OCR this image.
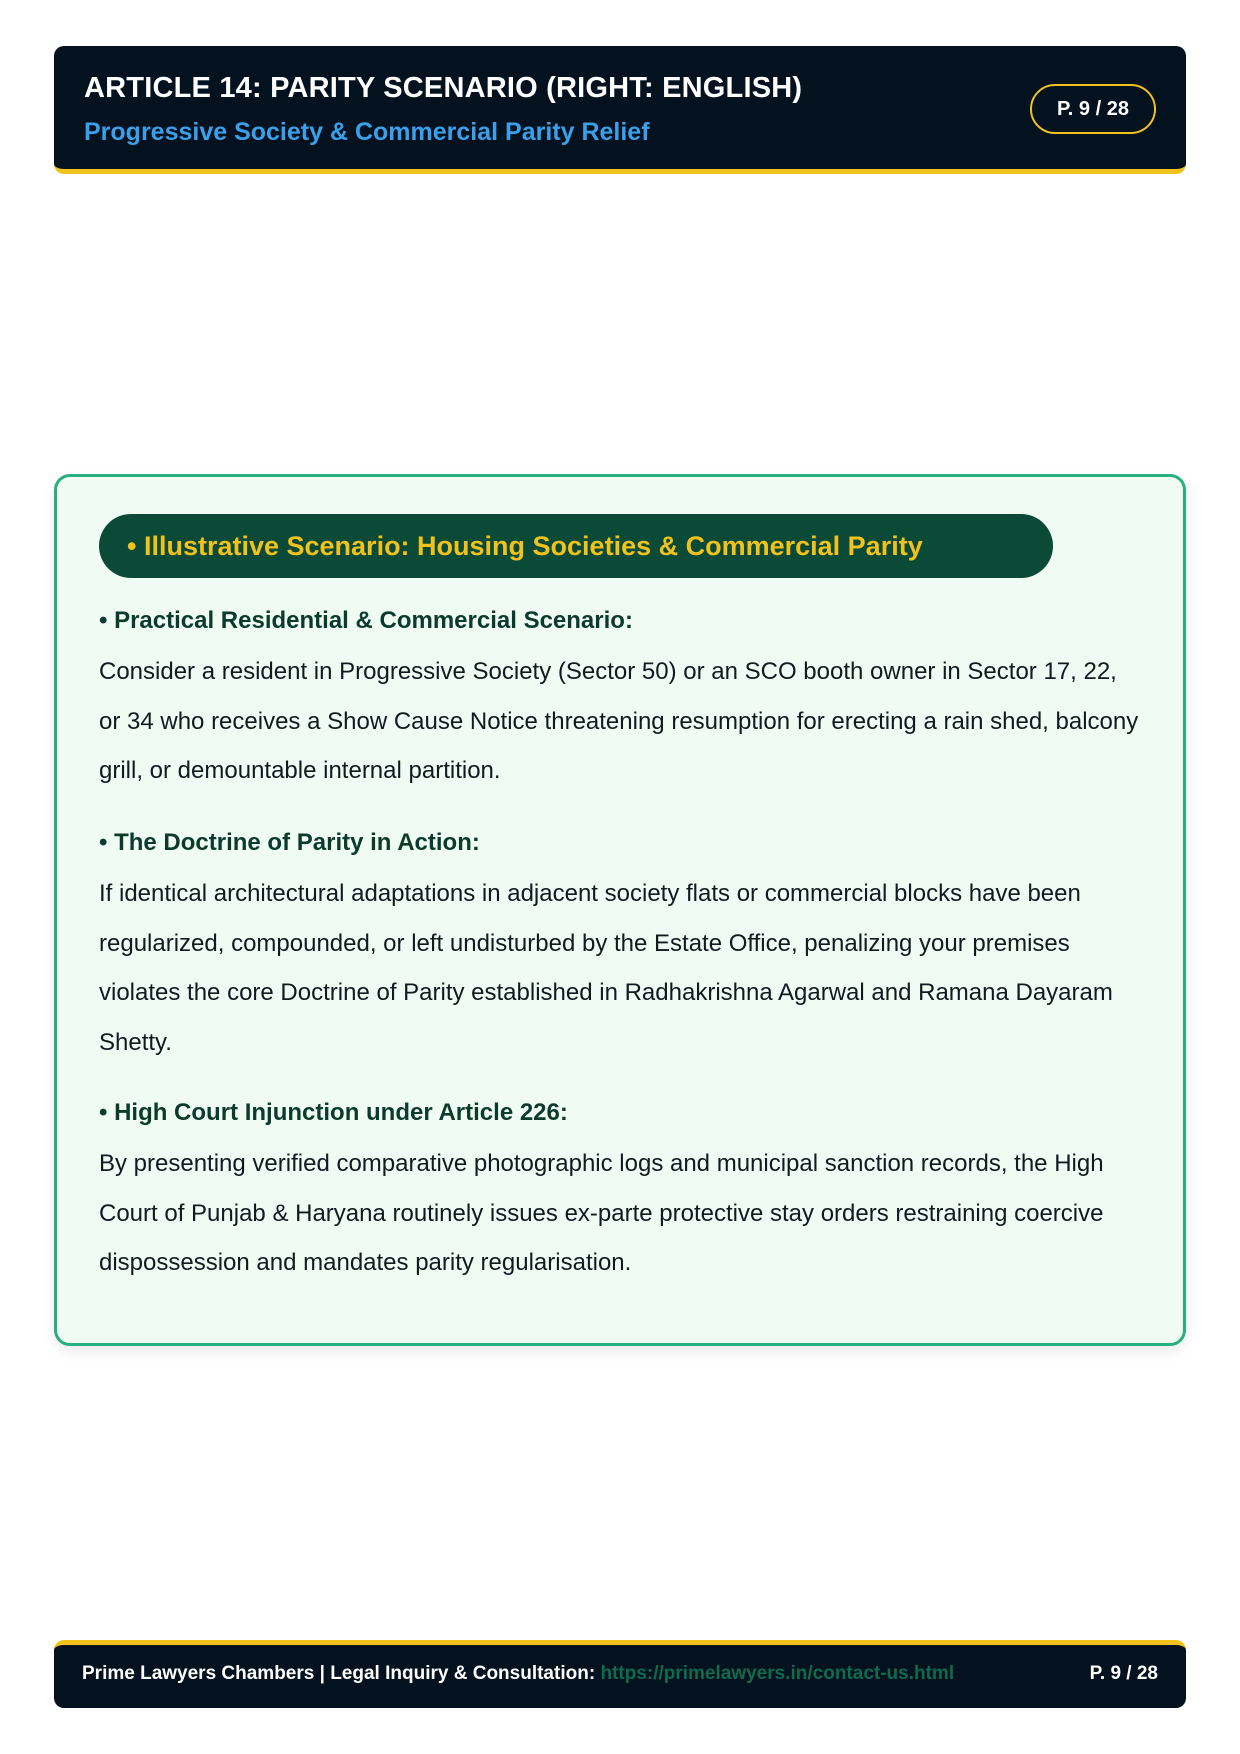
ARTICLE 14: PARITY SCENARIO (RIGHT: ENGLISH)
Progressive Society & Commercial Parity Relief
P. 9 / 28
• Illustrative Scenario: Housing Societies & Commercial Parity
• Practical Residential & Commercial Scenario:
Consider a resident in Progressive Society (Sector 50) or an SCO booth owner in Sector 17, 22, or 34 who receives a Show Cause Notice threatening resumption for erecting a rain shed, balcony grill, or demountable internal partition.
• The Doctrine of Parity in Action:
If identical architectural adaptations in adjacent society flats or commercial blocks have been regularized, compounded, or left undisturbed by the Estate Office, penalizing your premises violates the core Doctrine of Parity established in Radhakrishna Agarwal and Ramana Dayaram Shetty.
• High Court Injunction under Article 226:
By presenting verified comparative photographic logs and municipal sanction records, the High Court of Punjab & Haryana routinely issues ex-parte protective stay orders restraining coercive dispossession and mandates parity regularisation.
Prime Lawyers Chambers | Legal Inquiry & Consultation: https://primelawyers.in/contact-us.html	P. 9 / 28
